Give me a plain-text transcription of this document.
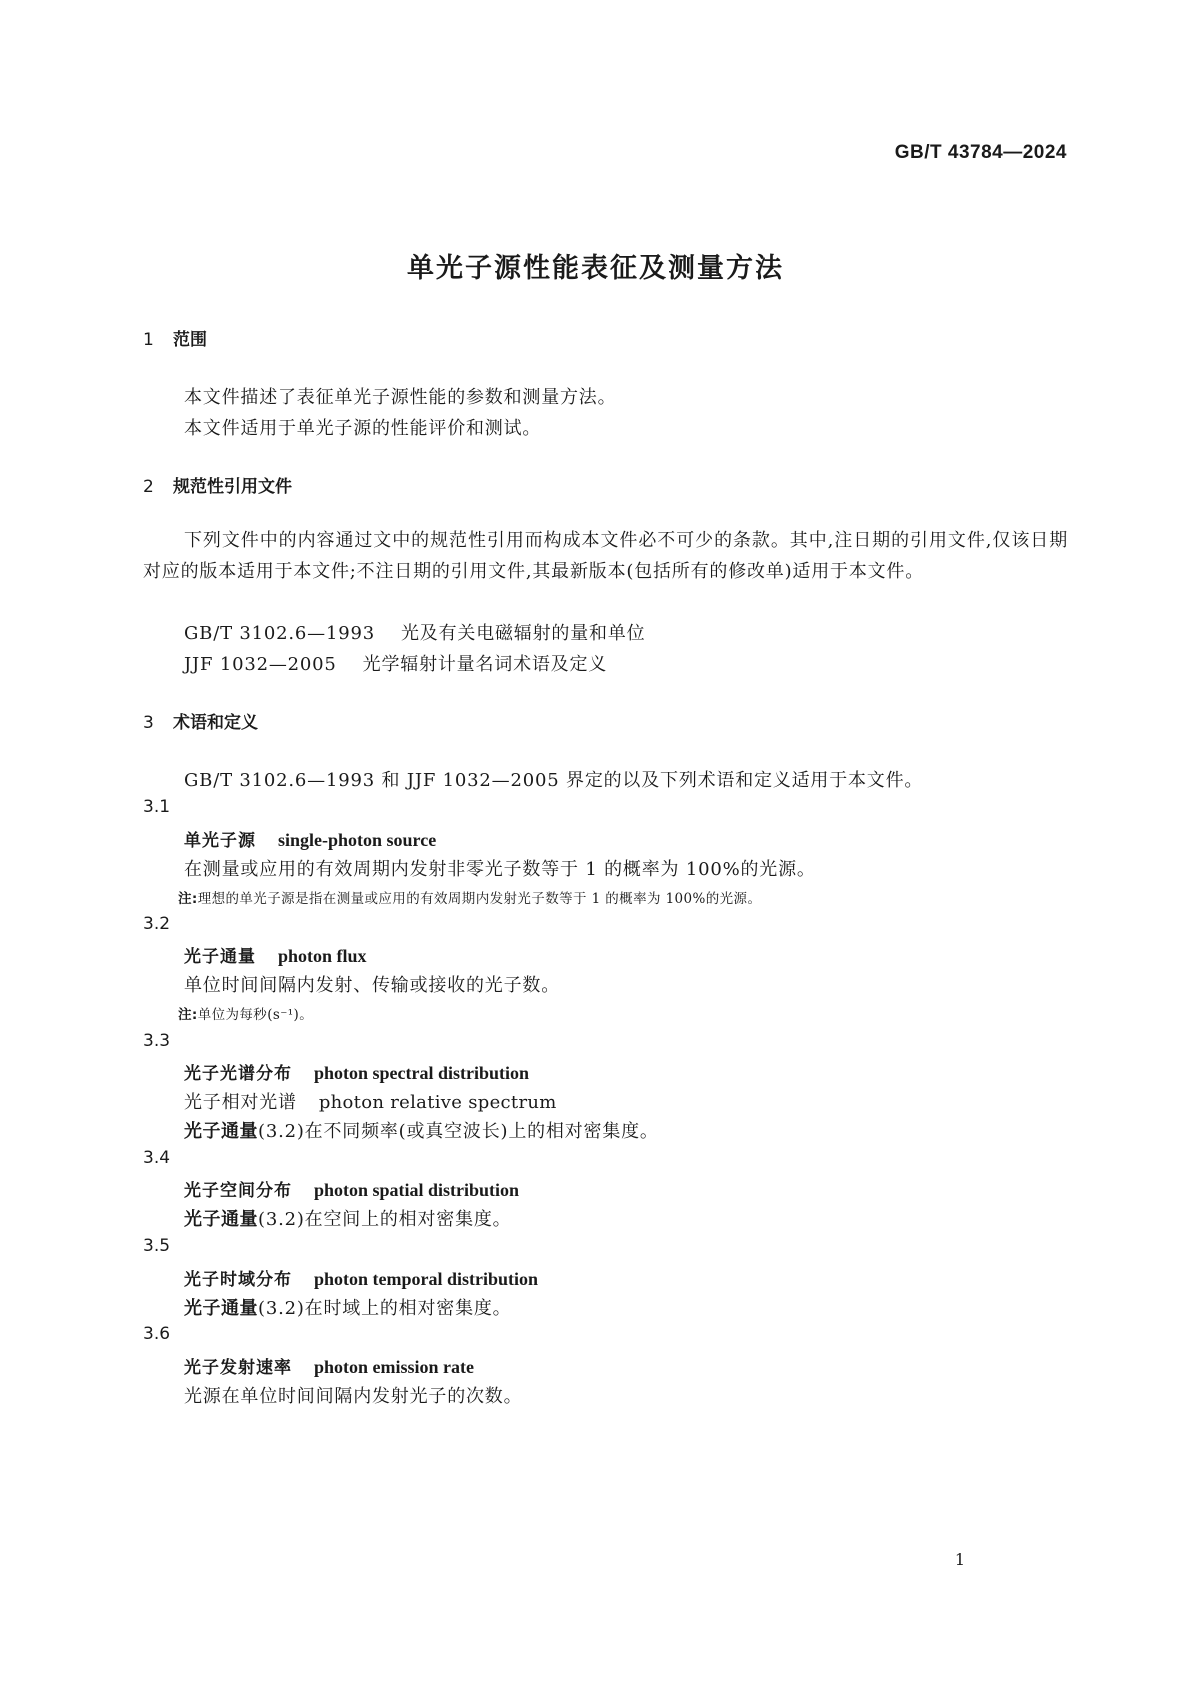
GB/T 43784—2024
单光子源性能表征及测量方法
1 范围
本文件描述了表征单光子源性能的参数和测量方法。
本文件适用于单光子源的性能评价和测试。
2 规范性引用文件
下列文件中的内容通过文中的规范性引用而构成本文件必不可少的条款。其中,注日期的引用文件,仅该日期对应的版本适用于本文件;不注日期的引用文件,其最新版本(包括所有的修改单)适用于本文件。
GB/T 3102.6—1993 光及有关电磁辐射的量和单位
JJF 1032—2005 光学辐射计量名词术语及定义
3 术语和定义
GB/T 3102.6—1993 和 JJF 1032—2005 界定的以及下列术语和定义适用于本文件。
3.1
单光子源 single-photon source
在测量或应用的有效周期内发射非零光子数等于 1 的概率为 100%的光源。
注:理想的单光子源是指在测量或应用的有效周期内发射光子数等于 1 的概率为 100%的光源。
3.2
光子通量 photon flux
单位时间间隔内发射、传输或接收的光子数。
注:单位为每秒(s⁻¹)。
3.3
光子光谱分布 photon spectral distribution
光子相对光谱 photon relative spectrum
光子通量(3.2)在不同频率(或真空波长)上的相对密集度。
3.4
光子空间分布 photon spatial distribution
光子通量(3.2)在空间上的相对密集度。
3.5
光子时域分布 photon temporal distribution
光子通量(3.2)在时域上的相对密集度。
3.6
光子发射速率 photon emission rate
光源在单位时间间隔内发射光子的次数。
1
